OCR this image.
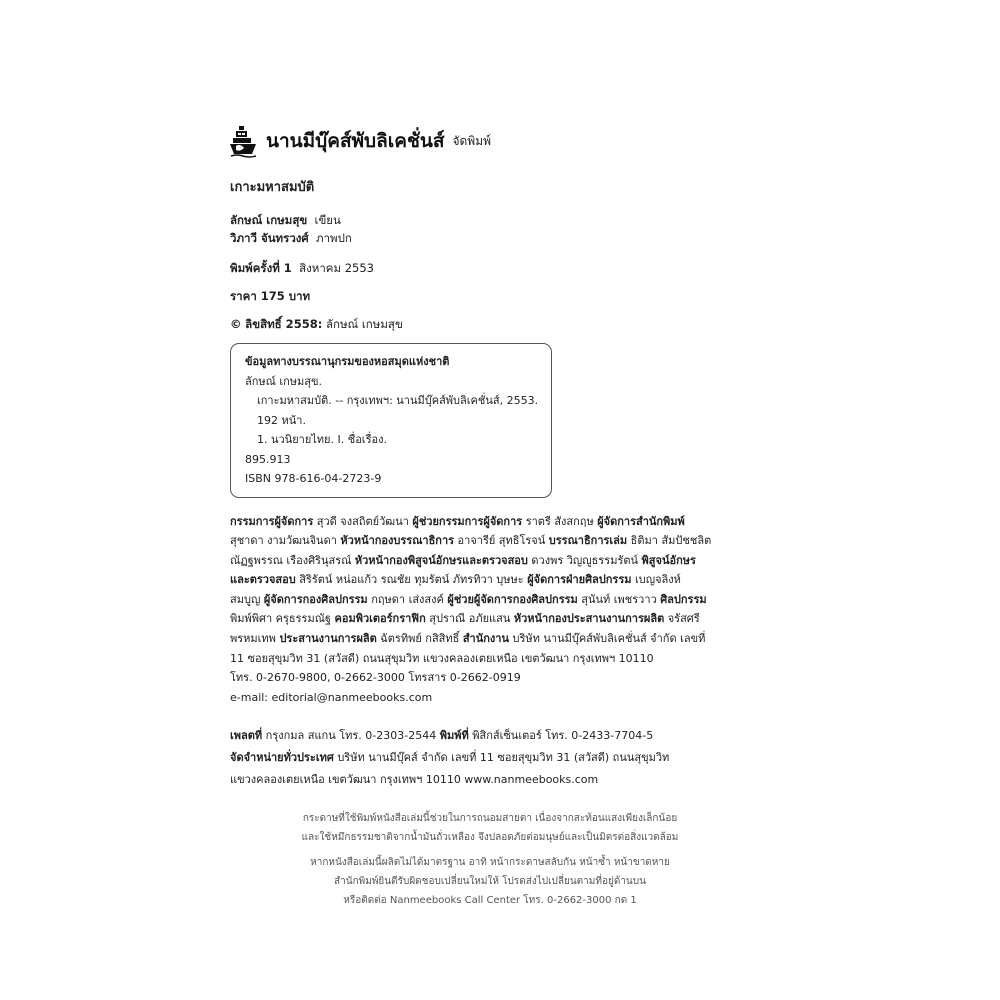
นานมีบุ๊คส์พับลิเคชั่นส์ จัดพิมพ์
เกาะมหาสมบัติ
ลักษณ์ เกษมสุข เขียน
วิภาวี จันทรวงศ์ ภาพปก
พิมพ์ครั้งที่ 1 สิงหาคม 2553
ราคา 175 บาท
© ลิขสิทธิ์ 2558: ลักษณ์ เกษมสุข
ข้อมูลทางบรรณานุกรมของหอสมุดแห่งชาติ
ลักษณ์ เกษมสุข.
เกาะมหาสมบัติ. -- กรุงเทพฯ: นานมีบุ๊คส์พับลิเคชั่นส์, 2553.
192 หน้า.
1. นวนิยายไทย. I. ชื่อเรื่อง.
895.913
ISBN 978-616-04-2723-9
กรรมการผู้จัดการ สุวดี จงสถิตย์วัฒนา ผู้ช่วยกรรมการผู้จัดการ ราตรี สังสกฤษ ผู้จัดการสำนักพิมพ์
สุชาดา งามวัฒนจินดา หัวหน้ากองบรรณาธิการ อาจารีย์ สุทธิโรจน์ บรรณาธิการเล่ม ธิติมา สัมปัชชลิต
ณัฏฐพรรณ เรืองศิรินุสรณ์ หัวหน้ากองพิสูจน์อักษรและตรวจสอบ ดวงพร วิญญูธรรมรัตน์ พิสูจน์อักษร
และตรวจสอบ สิริรัตน์ หน่อแก้ว รณชัย ทุมรัตน์ ภัทรทิวา บุษษะ ผู้จัดการฝ่ายศิลปกรรม เบญจลิงห์
สมบูญ ผู้จัดการกองศิลปกรรม กฤษดา เส่งสงค์ ผู้ช่วยผู้จัดการกองศิลปกรรม สุนันท์ เพชรวาว ศิลปกรรม
พิมพ์พิศา ครุธรรมณัฐ คอมพิวเตอร์กราฟิก สุปราณี อภัยแสน หัวหน้ากองประสานงานการผลิต จรัสศรี
พรหมเทพ ประสานงานการผลิต ฉัตรทิพย์ กสิสิทธิ์ สำนักงาน บริษัท นานมีบุ๊คส์พับลิเคชั่นส์ จำกัด เลขที่
11 ซอยสุขุมวิท 31 (สวัสดี) ถนนสุขุมวิท แขวงคลองเตยเหนือ เขตวัฒนา กรุงเทพฯ 10110
โทร. 0-2670-9800, 0-2662-3000 โทรสาร 0-2662-0919
e-mail: editorial@nanmeebooks.com
เพลตที่ กรุงกมล สแกน โทร. 0-2303-2544 พิมพ์ที่ พิสิกส์เซ็นเตอร์ โทร. 0-2433-7704-5
จัดจำหน่ายทั่วประเทศ บริษัท นานมีบุ๊คส์ จำกัด เลขที่ 11 ซอยสุขุมวิท 31 (สวัสดี) ถนนสุขุมวิท
แขวงคลองเตยเหนือ เขตวัฒนา กรุงเทพฯ 10110 www.nanmeebooks.com
กระดาษที่ใช้พิมพ์หนังสือเล่มนี้ช่วยในการถนอมสายตา เนื่องจากสะท้อนแสงเพียงเล็กน้อย
และใช้หมึกธรรมชาติจากน้ำมันถั่วเหลือง จึงปลอดภัยต่อมนุษย์และเป็นมิตรต่อสิ่งแวดล้อม
หากหนังสือเล่มนี้ผลิตไม่ได้มาตรฐาน อาทิ หน้ากระดาษสลับกัน หน้าซ้ำ หน้าขาดหาย
สำนักพิมพ์ยินดีรับผิดชอบเปลี่ยนใหม่ให้ โปรดส่งไปเปลี่ยนตามที่อยู่ด้านบน
หรือติดต่อ Nanmeebooks Call Center โทร. 0-2662-3000 กด 1
